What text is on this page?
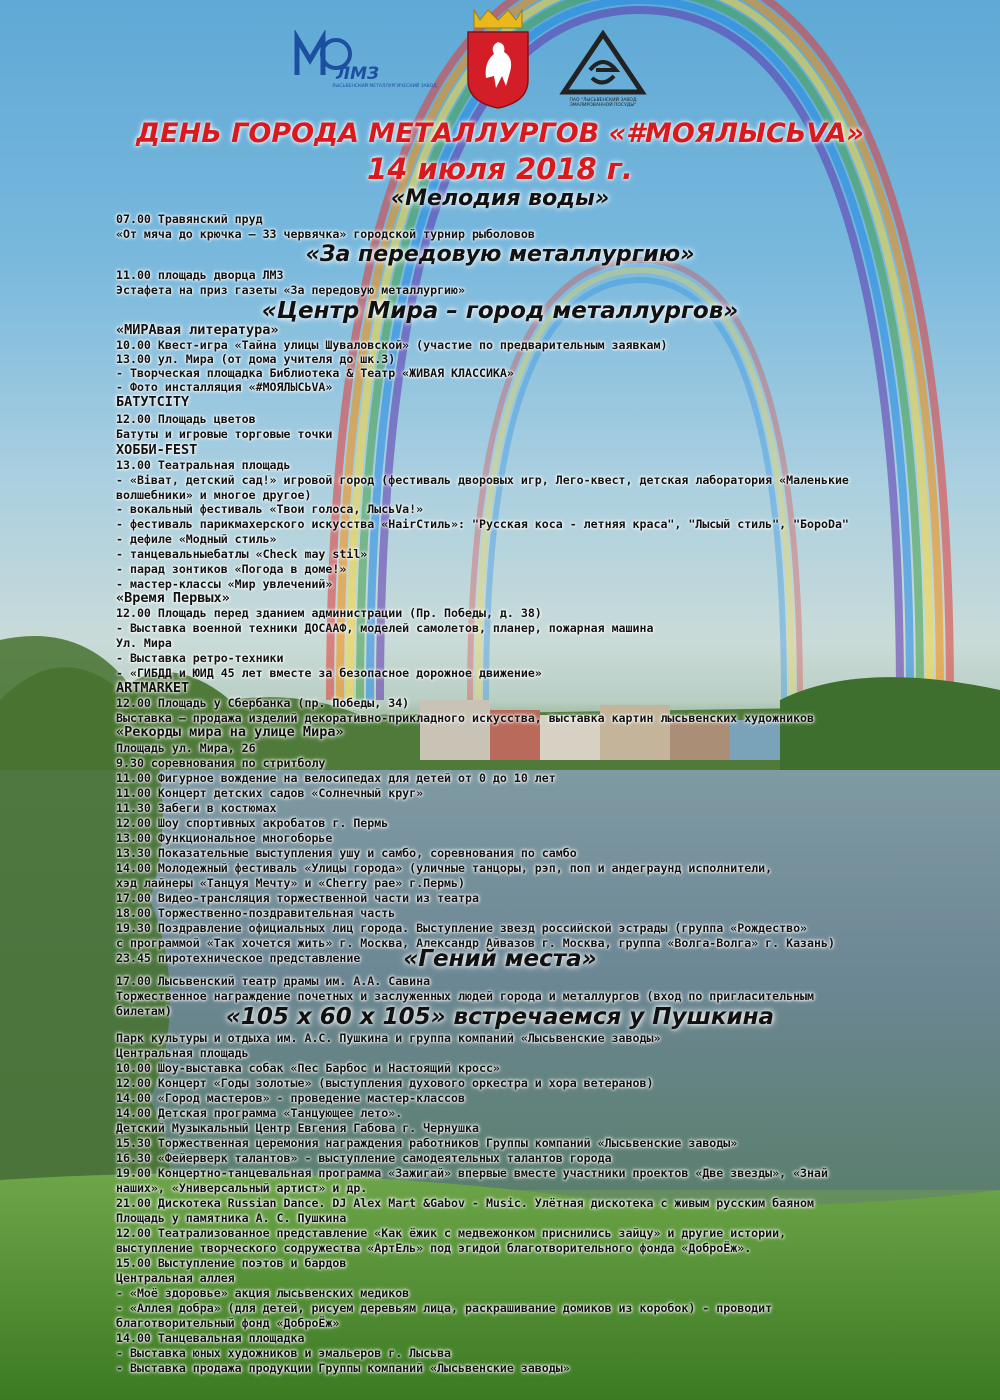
ЛМЗ
ЛЫСЬВЕНСКИЙ МЕТАЛЛУРГИЧЕСКИЙ ЗАВОД
ПАО "ЛЫСЬВЕНСКИЙ ЗАВОД ЭМАЛИРОВАННОЙ ПОСУДЫ"
ДЕНЬ ГОРОДА МЕТАЛЛУРГОВ «#МОЯЛЫСЬVA»
14 июля 2018 г.
«Мелодия воды»
07.00 Травянский пруд
«От мяча до крючка – 33 червячка» городской турнир рыболовов
«За передовую металлургию»
11.00 площадь дворца ЛМЗ
Эстафета на приз газеты «За передовую металлургию»
«Центр Мира – город металлургов»
«МИРАвая литература»
10.00 Квест-игра «Тайна улицы Шуваловской» (участие по предварительным заявкам)
13.00 ул. Мира (от дома учителя до шк.3)
- Творческая площадка Библиотека & Театр «ЖИВАЯ КЛАССИКА»
- Фото инсталляция «#МОЯЛЫСЬVA»
БАТУТCITY
12.00 Площадь цветов
Батуты и игровые торговые точки
ХОББИ-FEST
13.00 Театральная площадь
- «Віват, детский сад!» игровой город (фестиваль дворовых игр, Лего-квест, детская лаборатория «Маленькие
волшебники» и многое другое)
- вокальный фестиваль «Твои голоса, ЛысьVa!»
- фестиваль парикмахерского искусства «HairСтиль»: "Русская коса - летняя краса", "Лысый стиль", "БороDa"
- дефиле «Модный стиль»
- танцевальныебатлы «Check may stil»
- парад зонтиков «Погода в доме!»
- мастер-классы «Мир увлечений»
«Время Первых»
12.00 Площадь перед зданием администрации (Пр. Победы, д. 38)
- Выставка военной техники ДОСААФ, моделей самолетов, планер, пожарная машина
Ул. Мира
- Выставка ретро-техники
- «ГИБДД и ЮИД 45 лет вместе за безопасное дорожное движение»
ARTMARKET
12.00 Площадь у Сбербанка (пр. Победы, 34)
Выставка – продажа изделий декоративно-прикладного искусства, выставка картин лысьвенских художников
«Рекорды мира на улице Мира»
Площадь ул. Мира, 26
9.30 соревнования по стритболу
11.00 Фигурное вождение на велосипедах для детей от 0 до 10 лет
11.00 Концерт детских садов «Солнечный круг»
11.30 Забеги в костюмах
12.00 Шоу спортивных акробатов г. Пермь
13.00 Функциональное многоборье
13.30 Показательные выступления ушу и самбо, соревнования по самбо
14.00 Молодежный фестиваль «Улицы города» (уличные танцоры, рэп, поп и андеграунд исполнители,
хэд лайнеры «Танцуя Мечту» и «Cherry рае» г.Пермь)
17.00 Видео-трансляция торжественной части из театра
18.00 Торжественно-поздравительная часть
19.30 Поздравление официальных лиц города. Выступление звезд российской эстрады (группа «Рождество»
с программой «Так хочется жить» г. Москва, Александр Айвазов г. Москва, группа «Волга-Волга» г. Казань)
23.45 пиротехническое представление	«Гений места»
17.00 Лысьвенский театр драмы им. А.А. Савина
Торжественное награждение почетных и заслуженных людей города и металлургов (вход по пригласительным
билетам)	«105 х 60 х 105» встречаемся у Пушкина
Парк культуры и отдыха им. А.С. Пушкина и группа компаний «Лысьвенские заводы»
Центральная площадь
10.00 Шоу-выставка собак «Пес Барбос и Настоящий кросс»
12.00 Концерт «Годы золотые» (выступления духового оркестра и хора ветеранов)
14.00 «Город мастеров» - проведение мастер-классов
14.00 Детская программа «Танцующее лето».
Детский Музыкальный Центр Евгения Габова г. Чернушка
15.30 Торжественная церемония награждения работников Группы компаний «Лысьвенские заводы»
16.30 «Фейерверк талантов» - выступление самодеятельных талантов города
19.00 Концертно-танцевальная программа «Зажигай» впервые вместе участники проектов «Две звезды», «Знай
наших», «Универсальный артист» и др.
21.00 Дискотека Russian Dance. DJ Alex Mart &Gabov - Music. Улётная дискотека с живым русским баяном
Площадь у памятника А. С. Пушкина
12.00 Театрализованное представление «Как ёжик с медвежонком приснились зайцу» и другие истории,
выступление творческого содружества «АртЕль» под эгидой благотворительного фонда «ДоброЁж».
15.00 Выступление поэтов и бардов
Центральная аллея
- «Моё здоровье» акция лысьвенских медиков
- «Аллея добра» (для детей, рисуем деревьям лица, раскрашивание домиков из коробок) - проводит
благотворительный фонд «ДоброЁж»
14.00 Танцевальная площадка
- Выставка юных художников и эмальеров г. Лысьва
- Выставка продажа продукции Группы компаний «Лысьвенские заводы»
